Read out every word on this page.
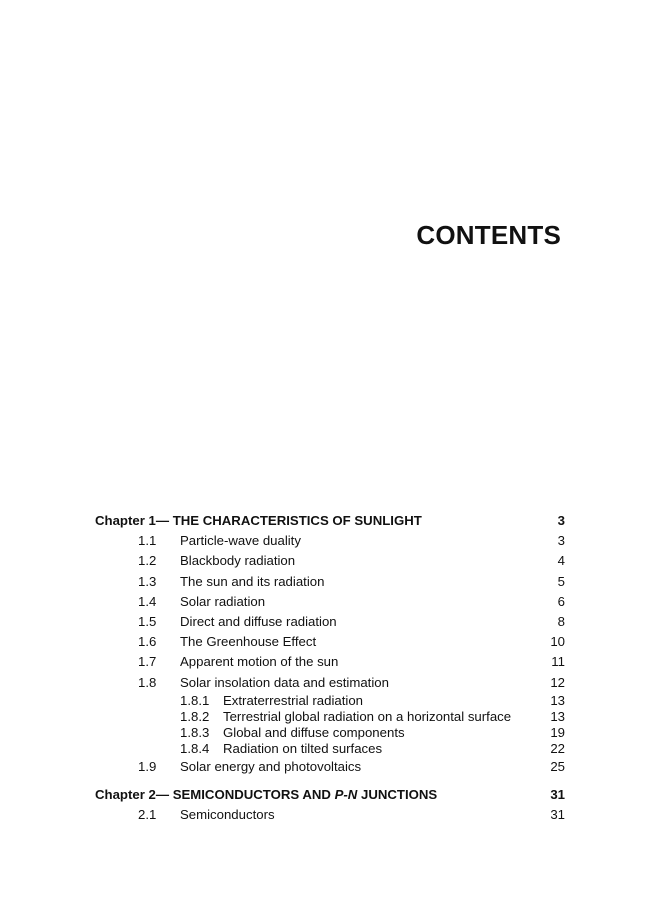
CONTENTS
Chapter 1— THE CHARACTERISTICS OF SUNLIGHT	3
1.1 Particle-wave duality	3
1.2 Blackbody radiation	4
1.3 The sun and its radiation	5
1.4 Solar radiation	6
1.5 Direct and diffuse radiation	8
1.6 The Greenhouse Effect	10
1.7 Apparent motion of the sun	11
1.8 Solar insolation data and estimation	12
1.8.1 Extraterrestrial radiation	13
1.8.2 Terrestrial global radiation on a horizontal surface	13
1.8.3 Global and diffuse components	19
1.8.4 Radiation on tilted surfaces	22
1.9 Solar energy and photovoltaics	25
Chapter 2— SEMICONDUCTORS AND P-N JUNCTIONS	31
2.1 Semiconductors	31
